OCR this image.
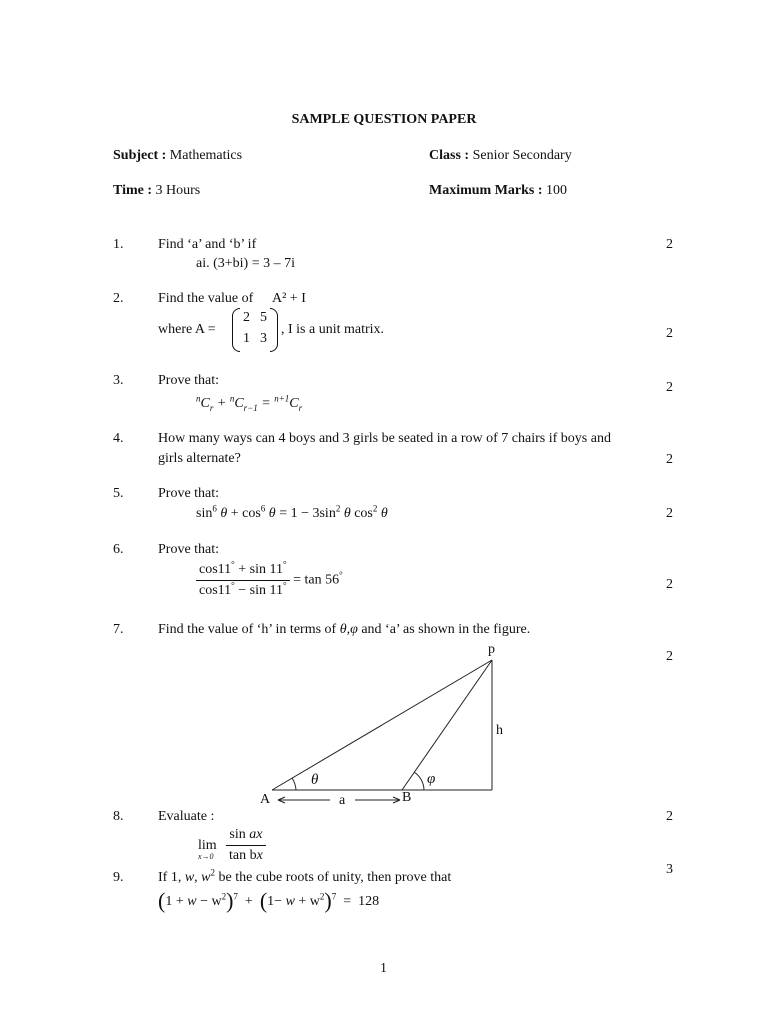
SAMPLE QUESTION PAPER
Subject : Mathematics	Class : Senior Secondary
Time : 3 Hours	Maximum Marks : 100
1. Find ‘a’ and ‘b’ if
ai. (3+bi) = 3 – 7i
2
2. Find the value of A² + I
where A =
2 5
1 3
, I is a unit matrix.	2
3. Prove that:
$^nC_r + ^nC_{r-1} = ^{n+1}C_r$
2
4. How many ways can 4 boys and 3 girls be seated in a row of 7 chairs if boys and
girls alternate?	2
5. Prove that:
$\sin^6 \theta + \cos^6 \theta = 1 - 3\sin^2$ θ $\cos^2 \theta$	2
6. Prove that:
$\frac{\cos 11^\circ + \sin 11^\circ}{\cos 11^\circ - \sin 11^\circ} = \tan 56^\circ$
2
7. Find the value of ‘h’ in terms of θ,φ and ‘a’ as shown in the figure.
2
p
h
θ	φ
A	a	B
8. Evaluate :
lim
$x\to 0 \frac{\text{sin ax}}{\text{tan bx}}$
2
9. If 1, w, $w^2$ be the cube roots of unity, then prove that
$(1 + w - w^2)^7 + (1- w + w^2)^7 = 128$
3
1
